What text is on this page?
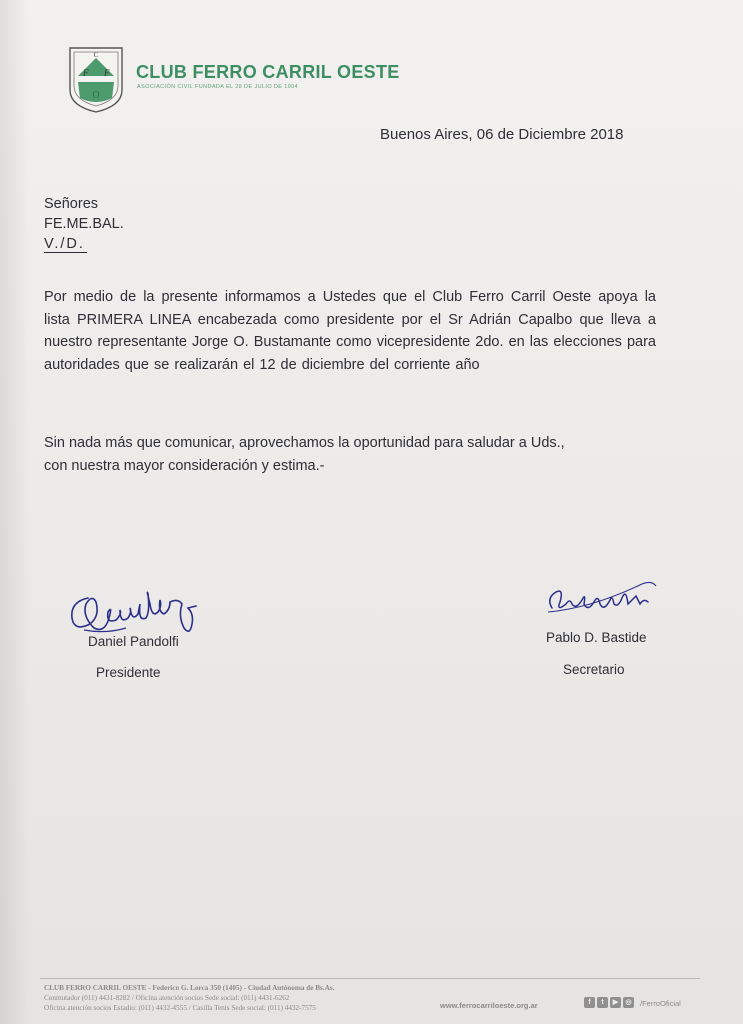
C
F F
O
CLUB FERRO CARRIL OESTE
ASOCIACIÓN CIVIL FUNDADA EL 28 DE JULIO DE 1904
Buenos Aires, 06 de Diciembre 2018
Señores
FE.ME.BAL.
V./D.

Por medio de la presente informamos a Ustedes que el Club Ferro Carril Oeste apoya la lista PRIMERA LINEA encabezada como presidente por el Sr Adrián Capalbo que lleva a nuestro representante Jorge O. Bustamante como vicepresidente 2do. en las elecciones para autoridades que se realizarán el 12 de diciembre del corriente año

Sin nada más que comunicar, aprovechamos la oportunidad para saludar a Uds.,

con nuestra mayor consideración y estima.-

Daniel Pandolfi
Presidente
Pablo D. Bastide
Secretario
CLUB FERRO CARRIL OESTE - Federico G. Lorca 350 (1405) - Ciudad Autónoma de Bs.As.
Conmutador (011) 4431-8282 / Oficina atención socios Sede social: (011) 4431-6262
Oficina atención socios Estadio: (011) 4432-4555 / Casilla Tenis Sede social: (011) 4432-7575	www.ferrocarriloeste.org.ar	f	t	▶	◎	/FerroOficial
